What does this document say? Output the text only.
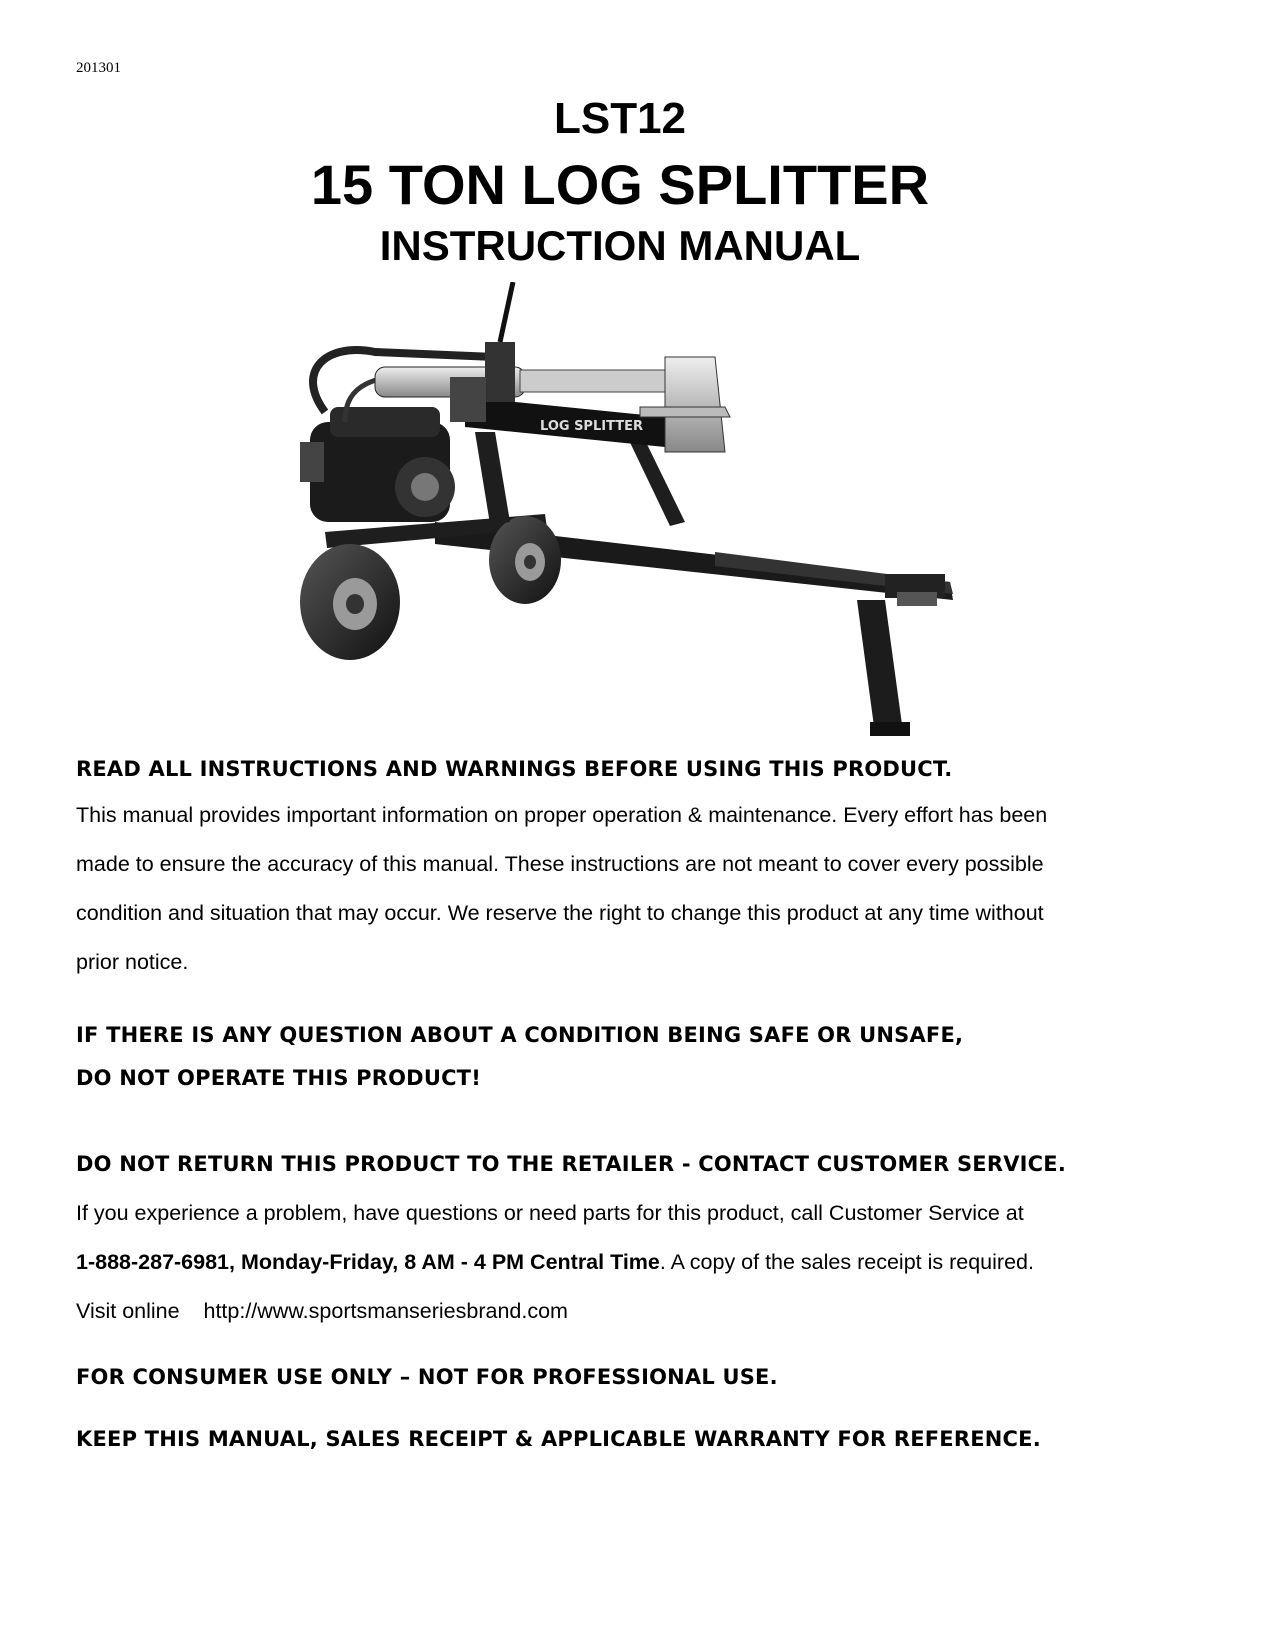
201301
LST12
15 TON LOG SPLITTER
INSTRUCTION MANUAL
LOG SPLITTER
READ ALL INSTRUCTIONS AND WARNINGS BEFORE USING THIS PRODUCT.
This manual provides important information on proper operation & maintenance. Every effort has been
made to ensure the accuracy of this manual. These instructions are not meant to cover every possible
condition and situation that may occur. We reserve the right to change this product at any time without
prior notice.
IF THERE IS ANY QUESTION ABOUT A CONDITION BEING SAFE OR UNSAFE,
DO NOT OPERATE THIS PRODUCT!
DO NOT RETURN THIS PRODUCT TO THE RETAILER - CONTACT CUSTOMER SERVICE.
If you experience a problem, have questions or need parts for this product, call Customer Service at
1-888-287-6981, Monday-Friday, 8 AM - 4 PM Central Time. A copy of the sales receipt is required.
Visit online http://www.sportsmanseriesbrand.com
FOR CONSUMER USE ONLY – NOT FOR PROFESSIONAL USE.
KEEP THIS MANUAL, SALES RECEIPT & APPLICABLE WARRANTY FOR REFERENCE.
